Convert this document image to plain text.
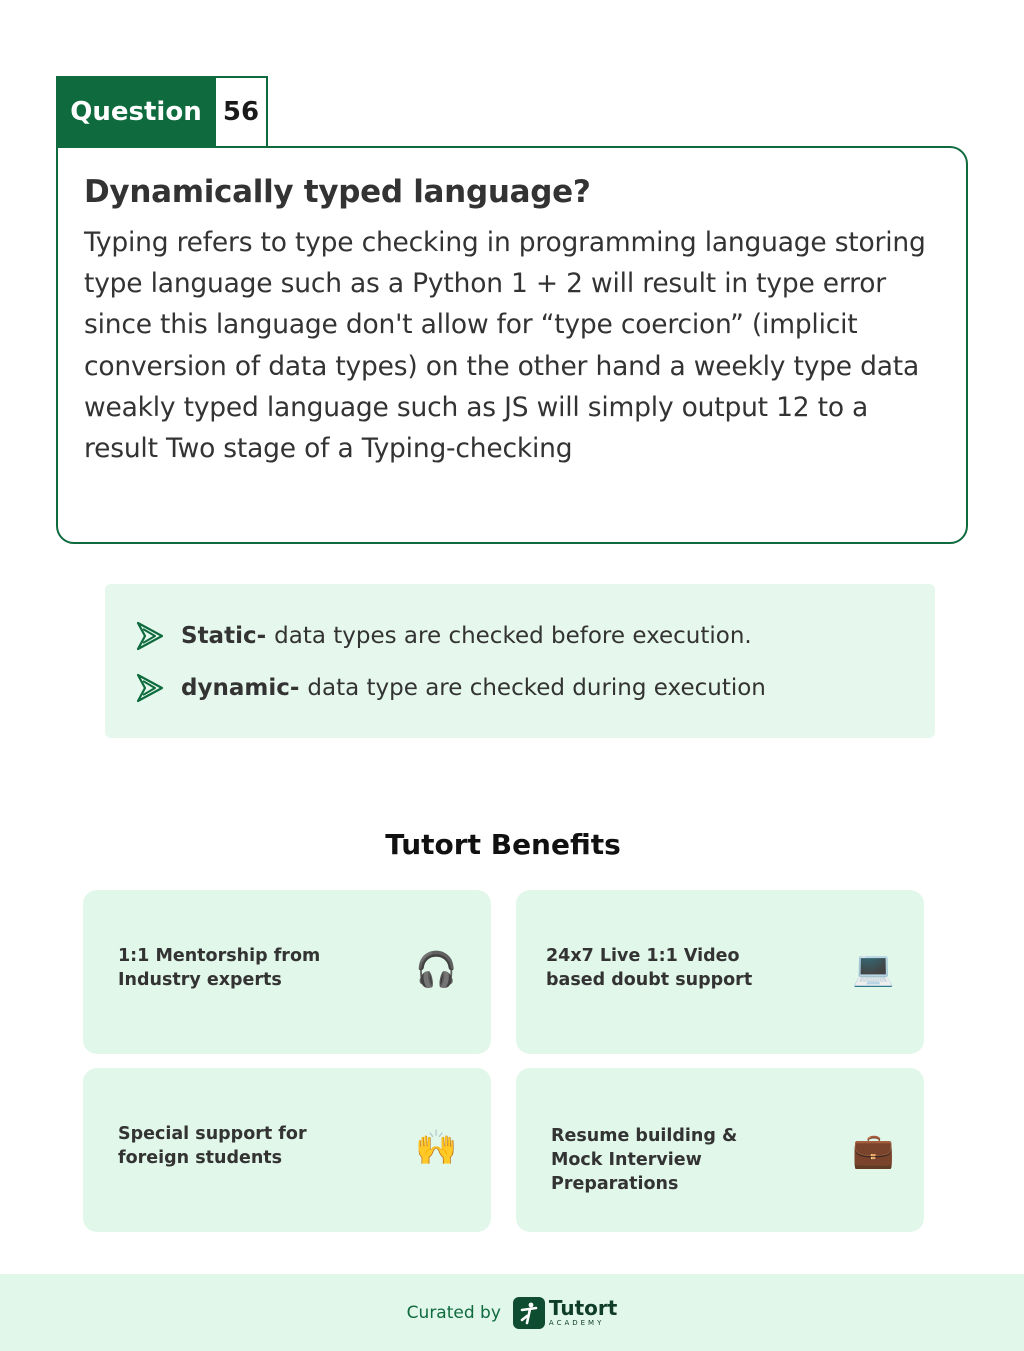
Question 56
Dynamically typed language?
Typing refers to type checking in programming language storing type language such as a Python 1 + 2 will result in type error since this language don't allow for “type coercion” (implicit conversion of data types) on the other hand a weekly type data weakly typed language such as JS will simply output 12 to a result Two stage of a Typing-checking
Static- data types are checked before execution.
dynamic- data type are checked during execution
Tutort Benefits
1:1 Mentorship from Industry experts	🎧	24x7 Live 1:1 Video based doubt support	💻
Special support for foreign students	🙌	Resume building & Mock Interview Preparations
💼
Curated by Tutort
ACADEMY
